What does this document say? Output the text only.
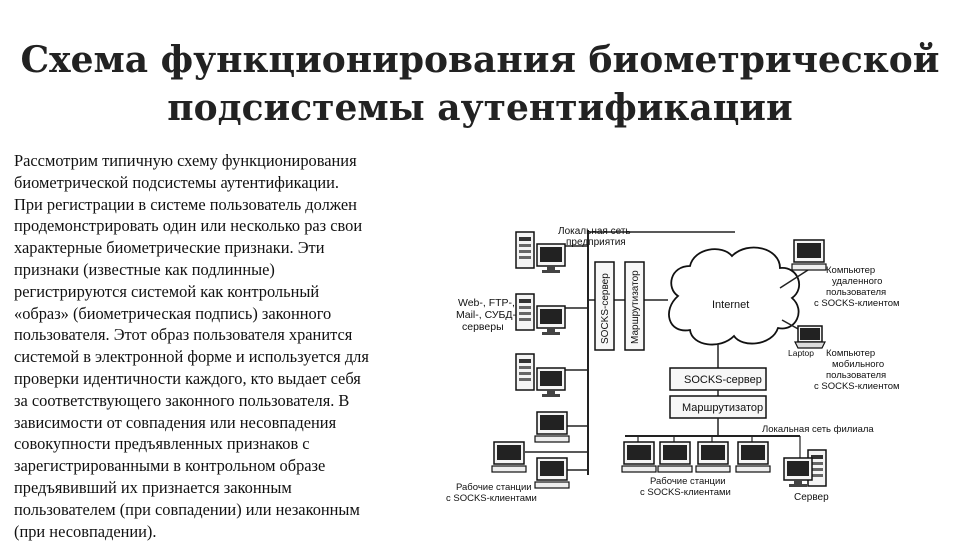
Схема функционирования биометрической
подсистемы аутентификации
Рассмотрим типичную схему функционирования
биометрической подсистемы аутентификации.
При регистрации в системе пользователь должен
продемонстрировать один или несколько раз свои
характерные биометрические признаки. Эти
признаки (известные как подлинные)
регистрируются системой как контрольный
«образ» (биометрическая подпись) законного
пользователя. Этот образ пользователя хранится
системой в электронной форме и используется для
проверки идентичности каждого, кто выдает себя
за соответствующего законного пользователя. В
зависимости от совпадения или несовпадения
совокупности предъявленных признаков с
зарегистрированными в контрольном образе
предъявивший их признается законным
пользователем (при совпадении) или незаконным
(при несовпадении).
Локальная сеть предприятия
Web-, FTP-, Mail-, СУБД-серверы	SOCKS-сервер Маршрутизатор	Internet
Компьютер удаленного пользователя с SOCKS-клиентом
Laptop	Компьютер мобильного пользователя с SOCKS-клиентом
SOCKS-сервер
Маршрутизатор
Локальная сеть филиала
Рабочие станции с SOCKS-клиентами
Рабочие станции с SOCKS-клиентами	Сервер
